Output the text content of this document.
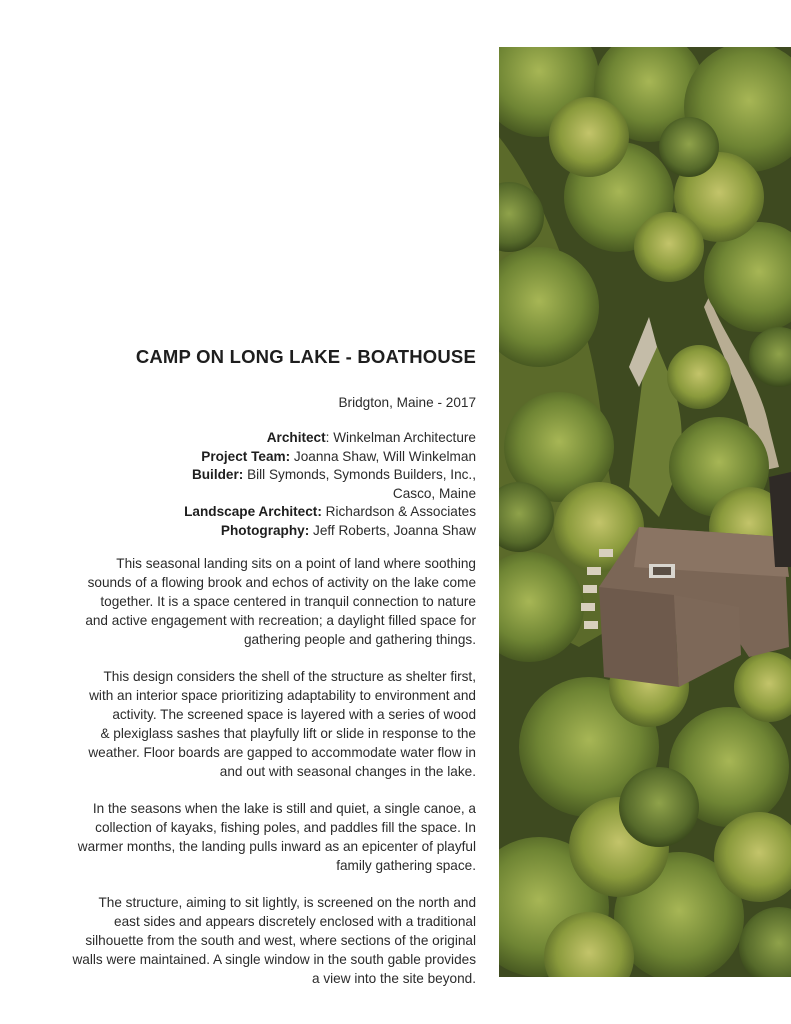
CAMP ON LONG LAKE - BOATHOUSE
Bridgton, Maine - 2017
Architect: Winkelman Architecture
Project Team: Joanna Shaw, Will Winkelman
Builder: Bill Symonds, Symonds Builders, Inc.,
Casco, Maine
Landscape Architect: Richardson & Associates
Photography: Jeff Roberts, Joanna Shaw

This seasonal landing sits on a point of land where soothing
sounds of a flowing brook and echos of activity on the lake come
together. It is a space centered in tranquil connection to nature
and active engagement with recreation; a daylight filled space for
gathering people and gathering things.

This design considers the shell of the structure as shelter first,
with an interior space prioritizing adaptability to environment and
activity. The screened space is layered with a series of wood
& plexiglass sashes that playfully lift or slide in response to the
weather. Floor boards are gapped to accommodate water flow in
and out with seasonal changes in the lake.

In the seasons when the lake is still and quiet, a single canoe, a
collection of kayaks, fishing poles, and paddles fill the space. In
warmer months, the landing pulls inward as an epicenter of playful
family gathering space.

The structure, aiming to sit lightly, is screened on the north and
east sides and appears discretely enclosed with a traditional
silhouette from the south and west, where sections of the original
walls were maintained. A single window in the south gable provides
a view into the site beyond.
